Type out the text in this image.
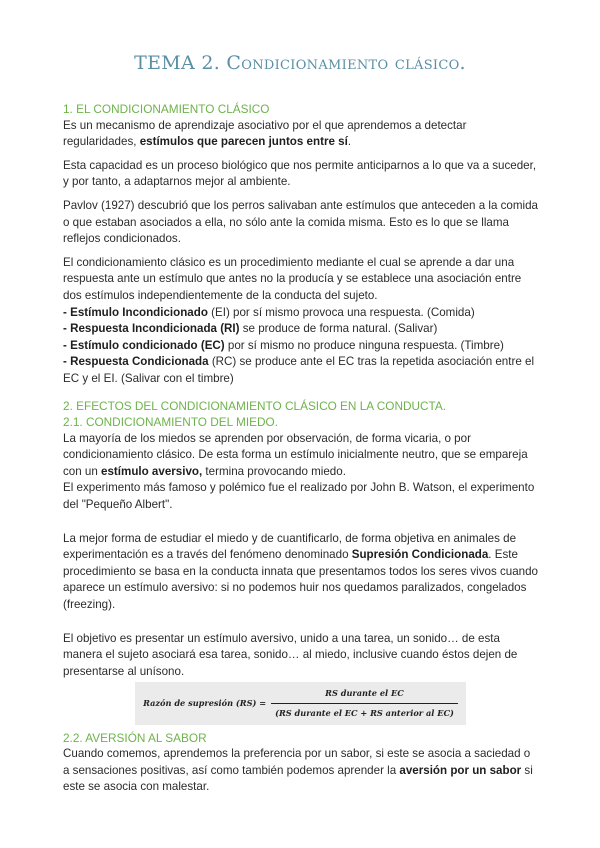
TEMA 2. Condicionamiento clásico.
1. EL CONDICIONAMIENTO CLÁSICO

Es un mecanismo de aprendizaje asociativo por el que aprendemos a detectar regularidades, estímulos que parecen juntos entre sí.

Esta capacidad es un proceso biológico que nos permite anticiparnos a lo que va a suceder, y por tanto, a adaptarnos mejor al ambiente.

Pavlov (1927) descubrió que los perros salivaban ante estímulos que anteceden a la comida o que estaban asociados a ella, no sólo ante la comida misma. Esto es lo que se llama reflejos condicionados.

El condicionamiento clásico es un procedimiento mediante el cual se aprende a dar una respuesta ante un estímulo que antes no la producía y se establece una asociación entre dos estímulos independientemente de la conducta del sujeto.

- Estímulo Incondicionado (EI) por sí mismo provoca una respuesta. (Comida)

- Respuesta Incondicionada (RI) se produce de forma natural. (Salivar)

- Estímulo condicionado (EC) por sí mismo no produce ninguna respuesta. (Timbre)

- Respuesta Condicionada (RC) se produce ante el EC tras la repetida asociación entre el EC y el EI. (Salivar con el timbre)

2. EFECTOS DEL CONDICIONAMIENTO CLÁSICO EN LA CONDUCTA.
2.1. CONDICIONAMIENTO DEL MIEDO.

La mayoría de los miedos se aprenden por observación, de forma vicaria, o por condicionamiento clásico. De esta forma un estímulo inicialmente neutro, que se empareja con un estímulo aversivo, termina provocando miedo.

El experimento más famoso y polémico fue el realizado por John B. Watson, el experimento del "Pequeño Albert".

La mejor forma de estudiar el miedo y de cuantificarlo, de forma objetiva en animales de experimentación es a través del fenómeno denominado Supresión Condicionada. Este procedimiento se basa en la conducta innata que presentamos todos los seres vivos cuando aparece un estímulo aversivo: si no podemos huir nos quedamos paralizados, congelados (freezing).

El objetivo es presentar un estímulo aversivo, unido a una tarea, un sonido… de esta manera el sujeto asociará esa tarea, sonido… al miedo, inclusive cuando éstos dejen de presentarse al unísono.

Razón de supresión $(RS) = \frac{\text{RS durante el EC}}{\text{(RS durante el EC + RS anterior al EC)}}$
2.2. AVERSIÓN AL SABOR

Cuando comemos, aprendemos la preferencia por un sabor, si este se asocia a saciedad o a sensaciones positivas, así como también podemos aprender la aversión por un sabor si este se asocia con malestar.
